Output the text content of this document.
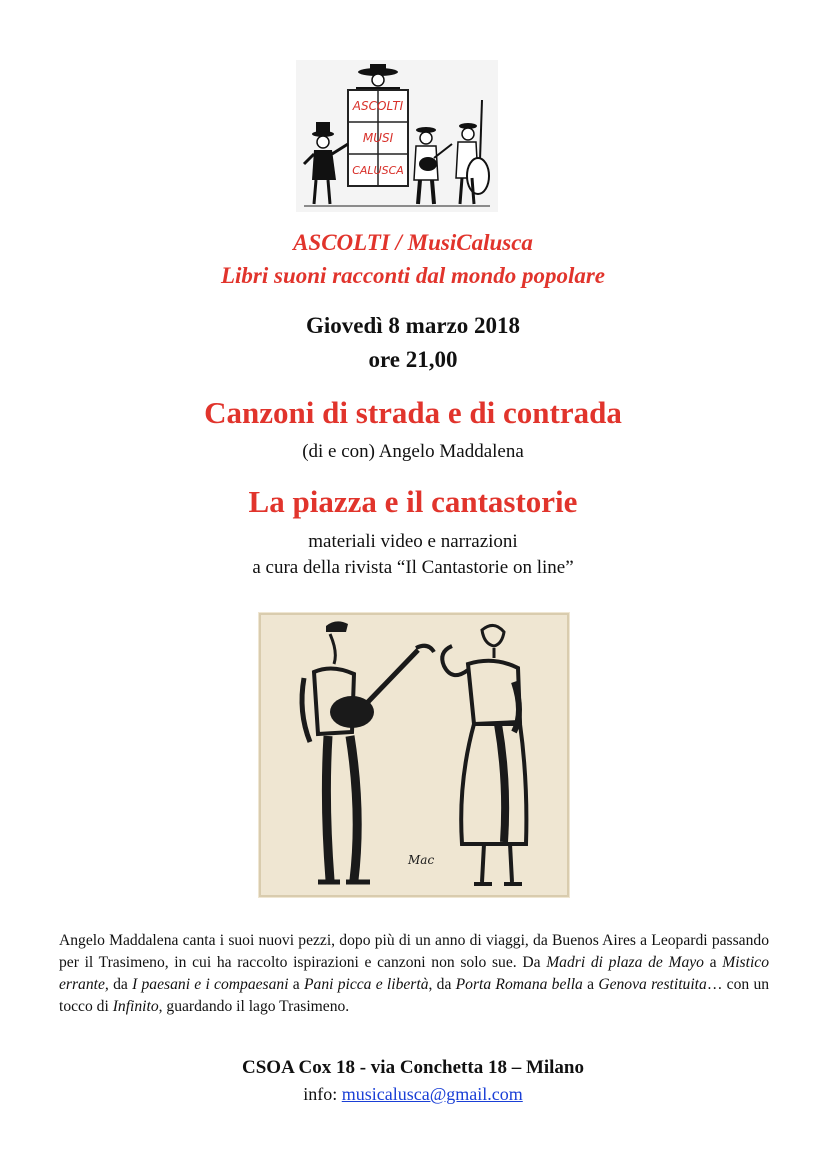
ASCOLTI
MUSI
CALUSCA
ASCOLTI / MusiCalusca
Libri suoni racconti dal mondo popolare
Giovedì 8 marzo 2018
ore 21,00
Canzoni di strada e di contrada
(di e con) Angelo Maddalena
La piazza e il cantastorie
materiali video e narrazioni
a cura della rivista “Il Cantastorie on line”
Mac
Angelo Maddalena canta i suoi nuovi pezzi, dopo più di un anno di viaggi, da Buenos Aires a Leopardi passando per il Trasimeno, in cui ha raccolto ispirazioni e canzoni non solo sue. Da Madri di plaza de Mayo a Mistico errante, da I paesani e i compaesani a Pani picca e libertà, da Porta Romana bella a Genova restituita… con un tocco di Infinito, guardando il lago Trasimeno.
CSOA Cox 18 - via Conchetta 18 – Milano
info: musicalusca@gmail.com
